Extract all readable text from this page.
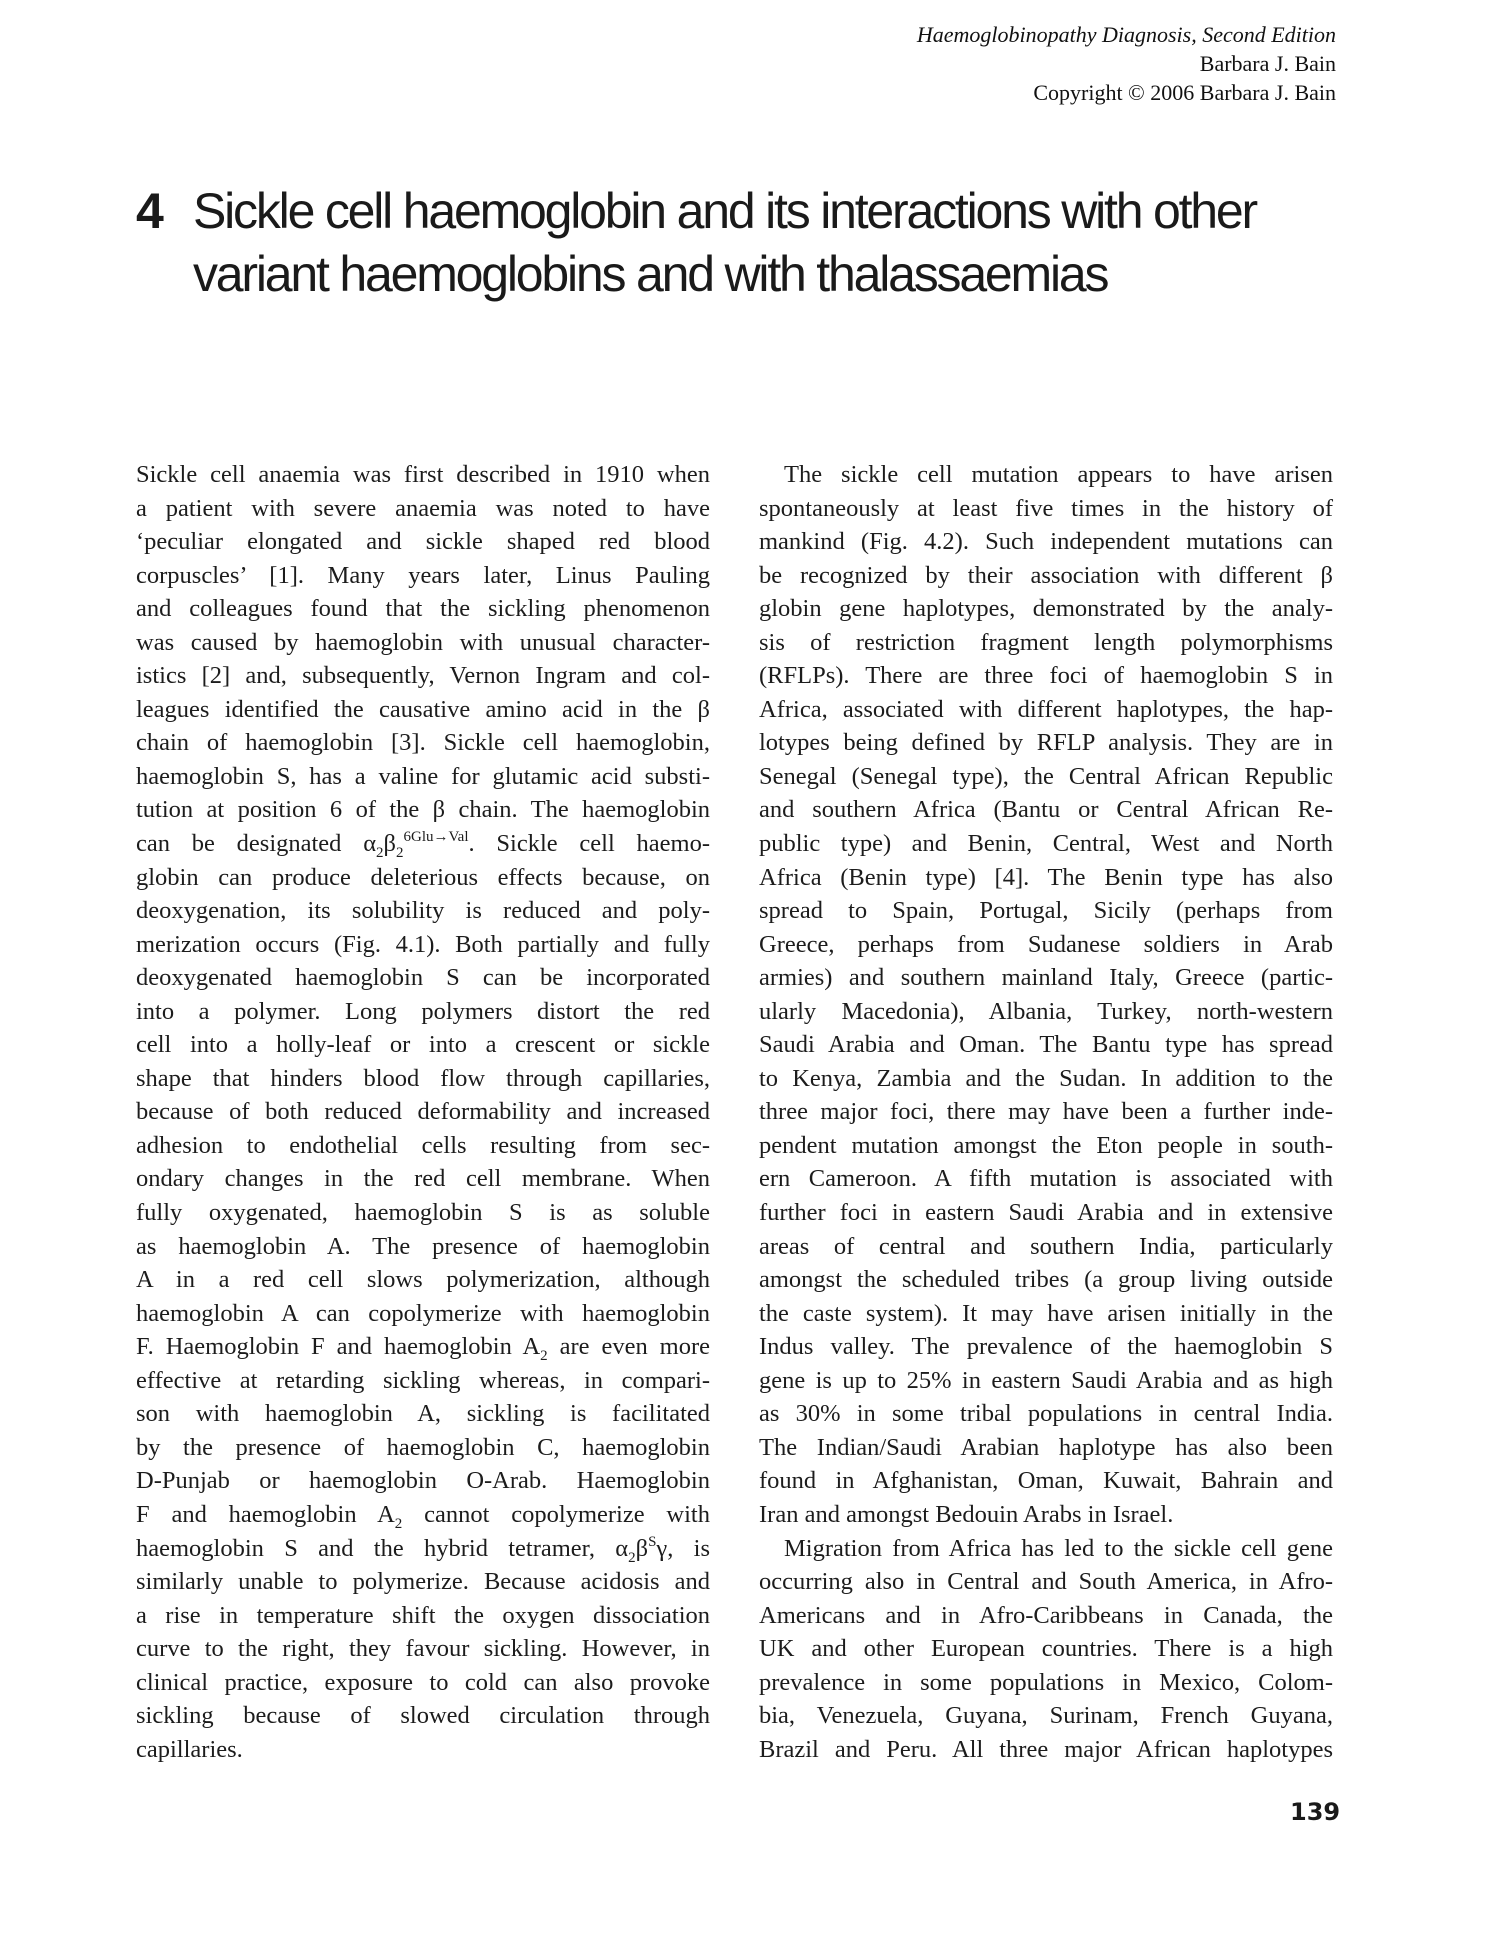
Haemoglobinopathy Diagnosis, Second Edition
Barbara J. Bain
Copyright © 2006 Barbara J. Bain
4 Sickle cell haemoglobin and its interactions with other
variant haemoglobins and with thalassaemias
Sickle cell anaemia was first described in 1910 when
a patient with severe anaemia was noted to have
‘peculiar elongated and sickle shaped red blood
corpuscles’ [1]. Many years later, Linus Pauling
and colleagues found that the sickling phenomenon
was caused by haemoglobin with unusual character-
istics [2] and, subsequently, Vernon Ingram and col-
leagues identified the causative amino acid in the β
chain of haemoglobin [3]. Sickle cell haemoglobin,
haemoglobin S, has a valine for glutamic acid substi-
tution at position 6 of the β chain. The haemoglobin
can be designated $\alpha_2\beta_2^{6Glu\to Val}$. Sickle cell haemo-
globin can produce deleterious effects because, on
deoxygenation, its solubility is reduced and poly-
merization occurs (Fig. 4.1). Both partially and fully
deoxygenated haemoglobin S can be incorporated
into a polymer. Long polymers distort the red
cell into a holly-leaf or into a crescent or sickle
shape that hinders blood flow through capillaries,
because of both reduced deformability and increased
adhesion to endothelial cells resulting from sec-
ondary changes in the red cell membrane. When
fully oxygenated, haemoglobin S is as soluble
as haemoglobin A. The presence of haemoglobin
A in a red cell slows polymerization, although
haemoglobin A can copolymerize with haemoglobin
F. Haemoglobin F and haemoglobin $A_2$ are even more
effective at retarding sickling whereas, in compari-
son with haemoglobin A, sickling is facilitated
by the presence of haemoglobin C, haemoglobin
D-Punjab or haemoglobin O-Arab. Haemoglobin
F and haemoglobin $A_2$ cannot copolymerize with
haemoglobin S and the hybrid tetramer, $\alpha_2\beta^S\gamma$, is
similarly unable to polymerize. Because acidosis and
a rise in temperature shift the oxygen dissociation
curve to the right, they favour sickling. However, in
clinical practice, exposure to cold can also provoke
sickling because of slowed circulation through
capillaries.
The sickle cell mutation appears to have arisen
spontaneously at least five times in the history of
mankind (Fig. 4.2). Such independent mutations can
be recognized by their association with different β
globin gene haplotypes, demonstrated by the analy-
sis of restriction fragment length polymorphisms
(RFLPs). There are three foci of haemoglobin S in
Africa, associated with different haplotypes, the hap-
lotypes being defined by RFLP analysis. They are in
Senegal (Senegal type), the Central African Republic
and southern Africa (Bantu or Central African Re-
public type) and Benin, Central, West and North
Africa (Benin type) [4]. The Benin type has also
spread to Spain, Portugal, Sicily (perhaps from
Greece, perhaps from Sudanese soldiers in Arab
armies) and southern mainland Italy, Greece (partic-
ularly Macedonia), Albania, Turkey, north-western
Saudi Arabia and Oman. The Bantu type has spread
to Kenya, Zambia and the Sudan. In addition to the
three major foci, there may have been a further inde-
pendent mutation amongst the Eton people in south-
ern Cameroon. A fifth mutation is associated with
further foci in eastern Saudi Arabia and in extensive
areas of central and southern India, particularly
amongst the scheduled tribes (a group living outside
the caste system). It may have arisen initially in the
Indus valley. The prevalence of the haemoglobin S
gene is up to 25% in eastern Saudi Arabia and as high
as 30% in some tribal populations in central India.
The Indian/Saudi Arabian haplotype has also been
found in Afghanistan, Oman, Kuwait, Bahrain and
Iran and amongst Bedouin Arabs in Israel.
Migration from Africa has led to the sickle cell gene
occurring also in Central and South America, in Afro-
Americans and in Afro-Caribbeans in Canada, the
UK and other European countries. There is a high
prevalence in some populations in Mexico, Colom-
bia, Venezuela, Guyana, Surinam, French Guyana,
Brazil and Peru. All three major African haplotypes
139
